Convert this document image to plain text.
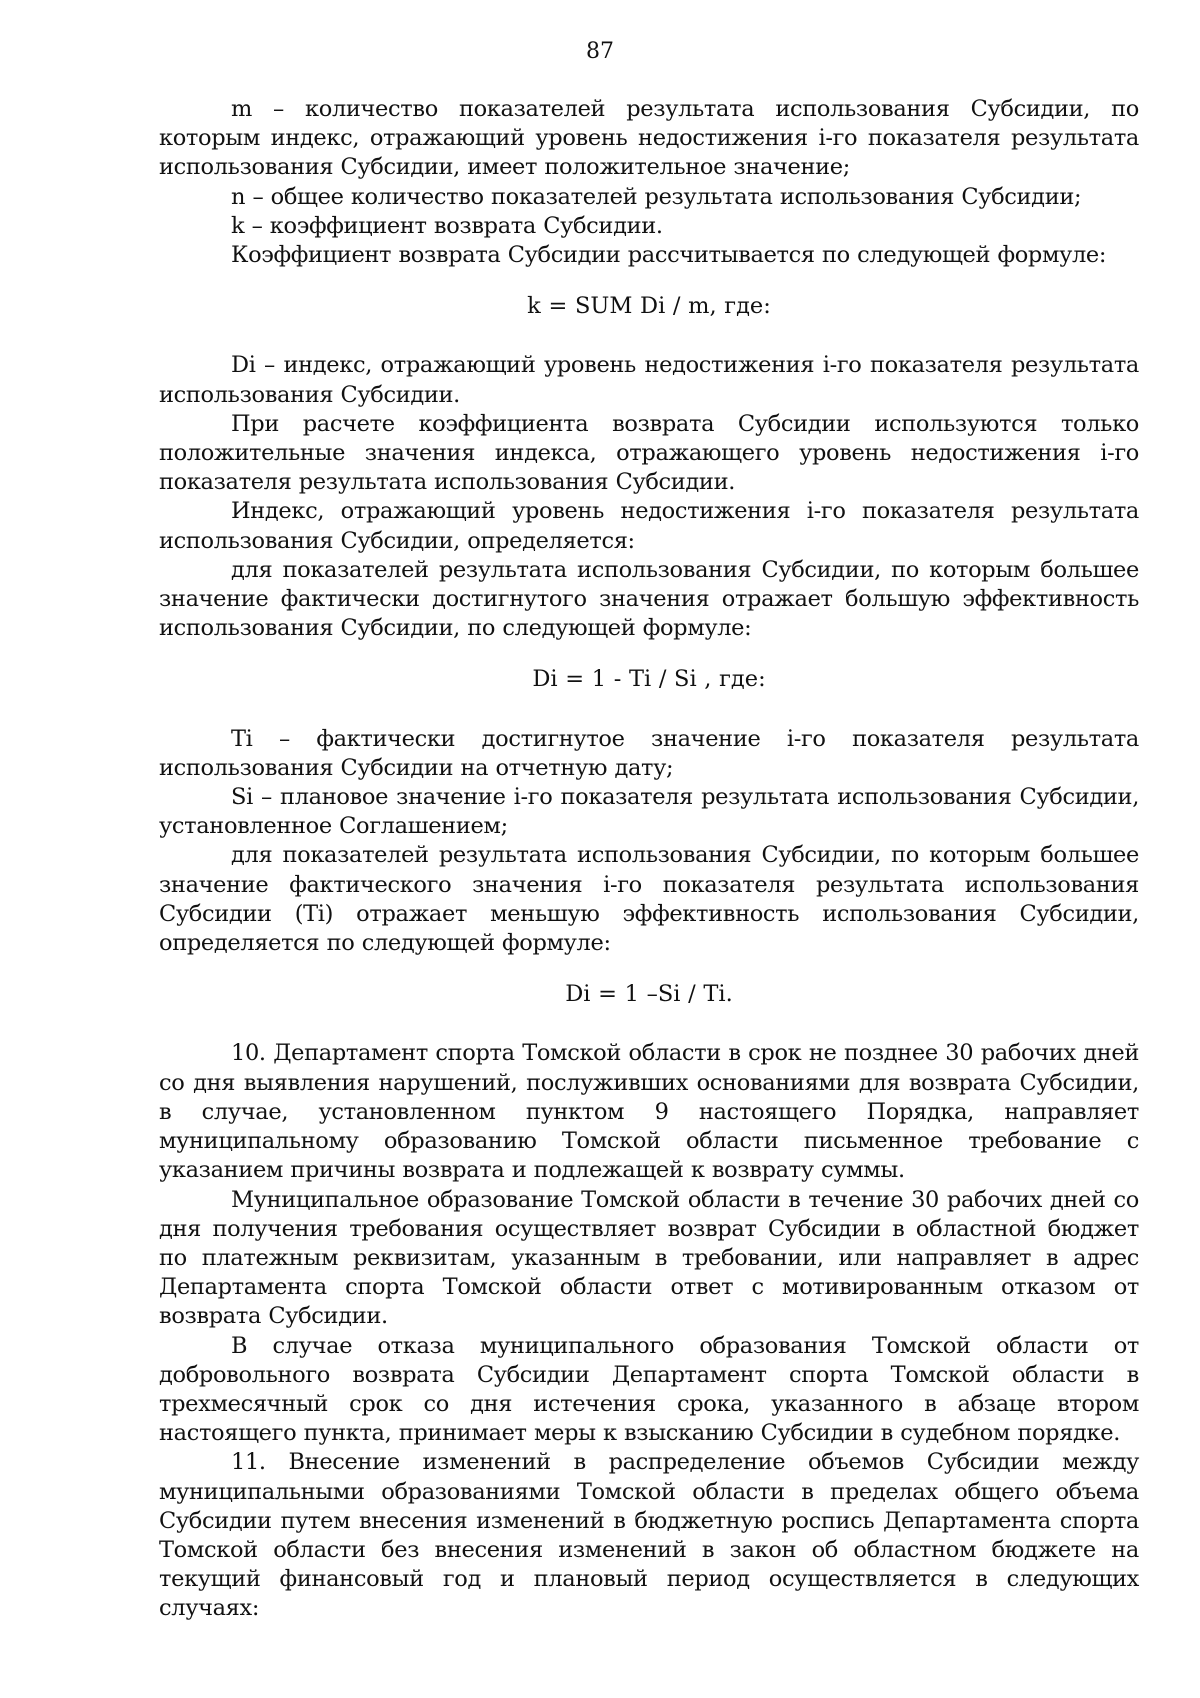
87

m – количество показателей результата использования Субсидии, по которым индекс, отражающий уровень недостижения i-го показателя результата использования Субсидии, имеет положительное значение;

n – общее количество показателей результата использования Субсидии;

k – коэффициент возврата Субсидии.

Коэффициент возврата Субсидии рассчитывается по следующей формуле:

k = SUM Di / m, где:

Di – индекс, отражающий уровень недостижения i-го показателя результата использования Субсидии.

При расчете коэффициента возврата Субсидии используются только положительные значения индекса, отражающего уровень недостижения i-го показателя результата использования Субсидии.

Индекс, отражающий уровень недостижения i-го показателя результата использования Субсидии, определяется:

для показателей результата использования Субсидии, по которым большее значение фактически достигнутого значения отражает большую эффективность использования Субсидии, по следующей формуле:

Di = 1 - Ti / Si , где:

Ti – фактически достигнутое значение i-го показателя результата использования Субсидии на отчетную дату;

Si – плановое значение i-го показателя результата использования Субсидии, установленное Соглашением;

для показателей результата использования Субсидии, по которым большее значение фактического значения i-го показателя результата использования Субсидии (Ti) отражает меньшую эффективность использования Субсидии, определяется по следующей формуле:

Di = 1 –Si / Ti.

10. Департамент спорта Томской области в срок не позднее 30 рабочих дней со дня выявления нарушений, послуживших основаниями для возврата Субсидии, в случае, установленном пунктом 9 настоящего Порядка, направляет муниципальному образованию Томской области письменное требование с указанием причины возврата и подлежащей к возврату суммы.

Муниципальное образование Томской области в течение 30 рабочих дней со дня получения требования осуществляет возврат Субсидии в областной бюджет по платежным реквизитам, указанным в требовании, или направляет в адрес Департамента спорта Томской области ответ с мотивированным отказом от возврата Субсидии.

В случае отказа муниципального образования Томской области от добровольного возврата Субсидии Департамент спорта Томской области в трехмесячный срок со дня истечения срока, указанного в абзаце втором настоящего пункта, принимает меры к взысканию Субсидии в судебном порядке.

11. Внесение изменений в распределение объемов Субсидии между муниципальными образованиями Томской области в пределах общего объема Субсидии путем внесения изменений в бюджетную роспись Департамента спорта Томской области без внесения изменений в закон об областном бюджете на текущий финансовый год и плановый период осуществляется в следующих случаях:
